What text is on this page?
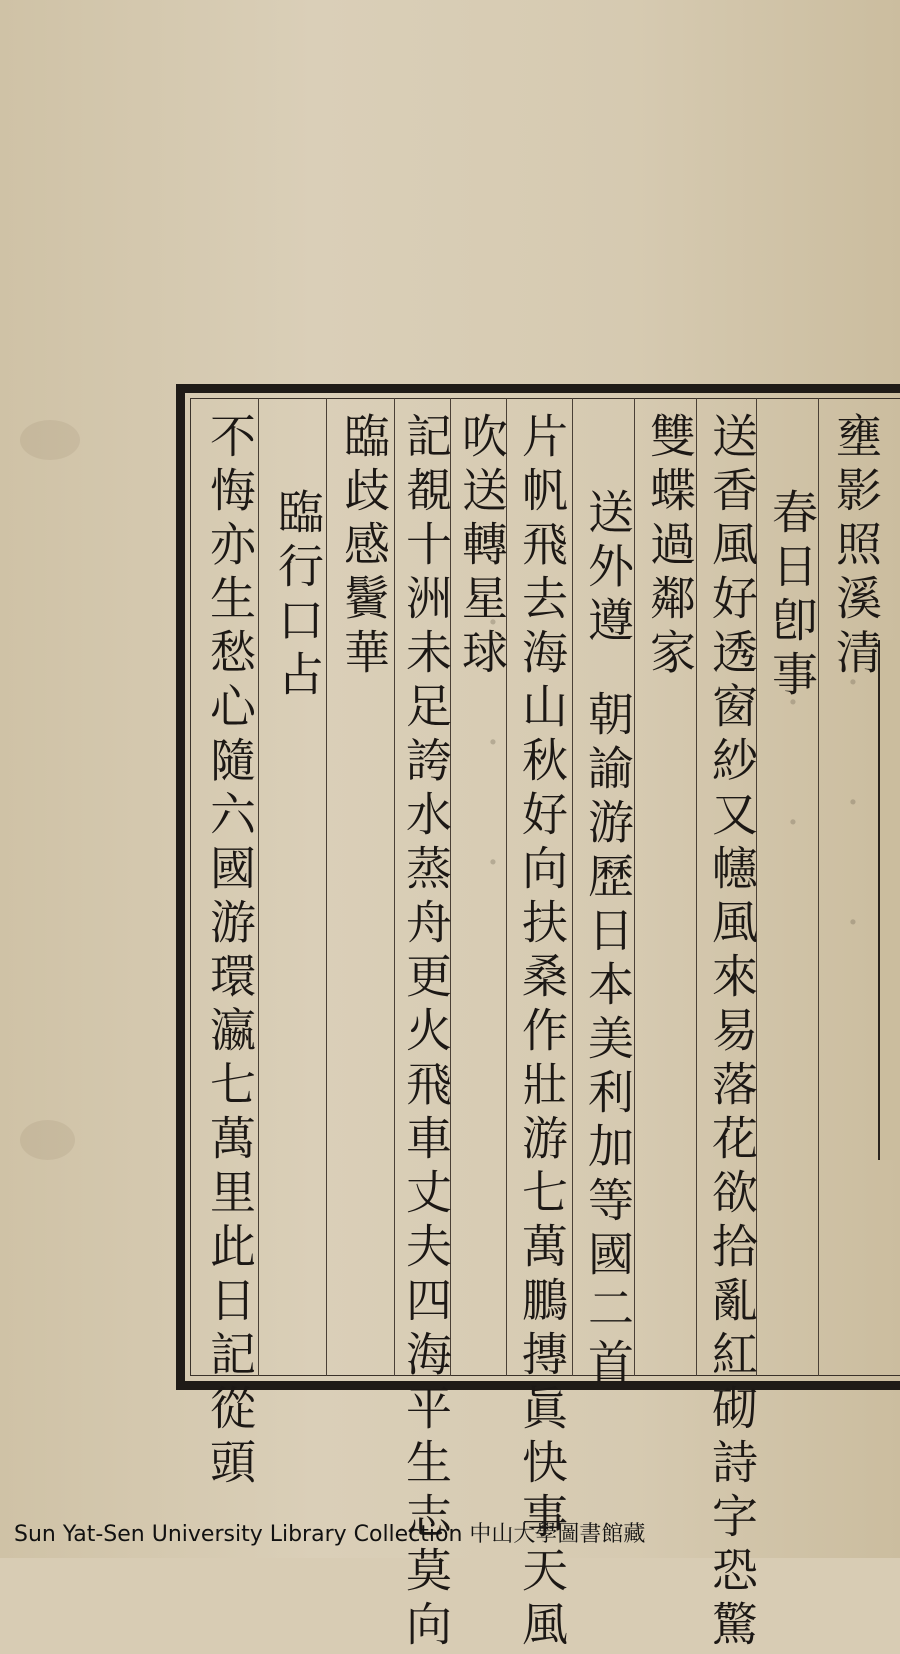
· · ·
· ·
· · ·
壅影照溪清
春日卽事
送香風好透窗紗又幰風來易落花欲拾亂紅砌詩字恐驚
雙蝶過鄰家
送外遵朝諭游歷日本美利加等國二首
片帆飛去海山秋好向扶桑作壯游七萬鵬摶眞快事天風
吹送轉星球
記覩十洲未足誇水蒸舟更火飛車丈夫四海平生志莫向
臨歧感鬢華
臨行口占
不悔亦生愁心隨六國游環瀛七萬里此日記從頭
Sun Yat-Sen University Library Collection 中山大學圖書館藏
